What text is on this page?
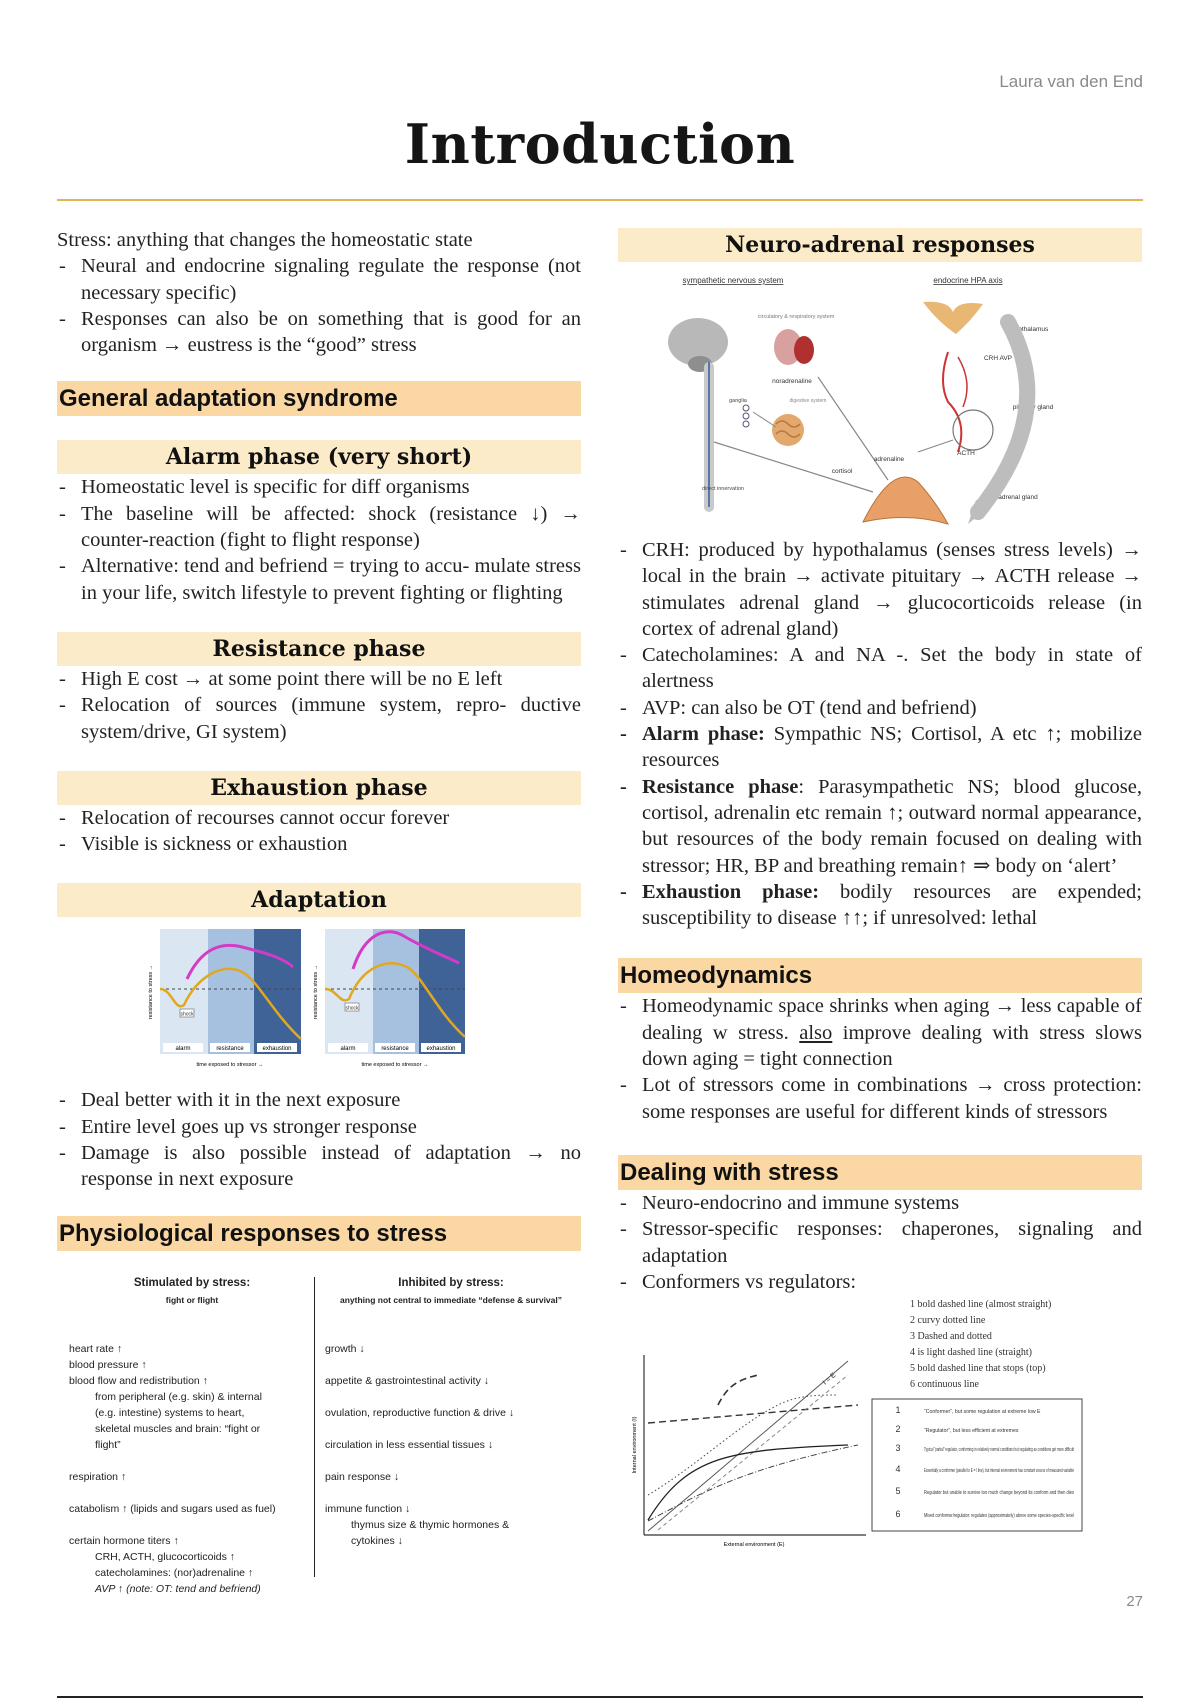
Laura van den End
Introduction
Stress: anything that changes the homeostatic state
- Neural and endocrine signaling regulate the response (not necessary specific)
- Responses can also be on something that is good for an organism → eustress is the “good” stress
General adaptation syndrome
Alarm phase (very short)
- Homeostatic level is specific for diff organisms
- The baseline will be affected: shock (resistance ↓) → counter-reaction (fight to flight response)
- Alternative: tend and befriend = trying to accu- mulate stress in your life, switch lifestyle to prevent fighting or flighting
Resistance phase
- High E cost → at some point there will be no E left
- Relocation of sources (immune system, repro- ductive system/drive, GI system)
Exhaustion phase
- Relocation of recourses cannot occur forever
- Visible is sickness or exhaustion
Adaptation
shock
alarm	resistance	exhaustion
resistance to stress →
time exposed to stressor →
shock
alarm	resistance	exhaustion
resistance to stress →
time exposed to stressor →
- Deal better with it in the next exposure
- Entire level goes up vs stronger response
- Damage is also possible instead of adaptation → no response in next exposure
Physiological responses to stress
Stimulated by stress:
fight or flight
Inhibited by stress:
anything not central to immediate “defense & survival”
heart rate ↑
blood pressure ↑
blood flow and redistribution ↑
from peripheral (e.g. skin) & internal
(e.g. intestine) systems to heart,
skeletal muscles and brain: “fight or
flight”
respiration ↑
catabolism ↑ (lipids and sugars used as fuel)
certain hormone titers ↑
CRH, ACTH, glucocorticoids ↑
catecholamines: (nor)adrenaline ↑
AVP ↑ (note: OT: tend and befriend)
growth ↓
appetite & gastrointestinal activity ↓
ovulation, reproductive function & drive ↓
circulation in less essential tissues ↓
pain response ↓
immune function ↓
thymus size & thymic hormones &
cytokines ↓
Neuro-adrenal responses
sympathetic nervous system	endocrine HPA axis
ganglia
circulatory & respiratory system
noradrenaline
digestive system
direct innervation
adrenaline
cortisol
adrenal gland
hypothalamus
CRH AVP
pituitary gland
ACTH
- CRH: produced by hypothalamus (senses stress levels) → local in the brain → activate pituitary → ACTH release → stimulates adrenal gland → glucocorticoids release (in cortex of adrenal gland)
- Catecholamines: A and NA -. Set the body in state of alertness
- AVP: can also be OT (tend and befriend)
- Alarm phase: Sympathic NS; Cortisol, A etc ↑; mobilize resources
- Resistance phase: Parasympathetic NS; blood glucose, cortisol, adrenalin etc remain ↑; outward normal appearance, but resources of the body remain focused on dealing with stressor; HR, BP and breathing remain↑ ⇒ body on ‘alert’
- Exhaustion phase: bodily resources are expended; susceptibility to disease ↑↑; if unresolved: lethal
Homeodynamics
- Homeodynamic space shrinks when aging → less capable of dealing w stress. also improve dealing with stress slows down aging = tight connection
- Lot of stressors come in combinations → cross protection: some responses are useful for different kinds of stressors
Dealing with stress
- Neuro-endocrino and immune systems
- Stressor-specific responses: chaperones, signaling and adaptation
- Conformers vs regulators:
1 bold dashed line (almost straight)
2 curvy dotted line
3 Dashed and dotted
4 is light dashed line (straight)
5 bold dashed line that stops (top)
6 continuous line
I = E
Internal environment (I)
External environment (E)
1	“Conformer”, but some regulation at extreme low E
2	“Regulator”, but less efficient at extremes
3	Typical “partial” regulator, conforming in relatively normal conditions but regulating as conditions get more difficult
4	Essentially a conformer (parallel to E = I line), but internal environment has constant excess of measured variable
5	Regulator but unable to survive too much change beyond its conform and then dies
6	Mixed conformer/regulator: regulates (approximately) above some species-specific level
27
